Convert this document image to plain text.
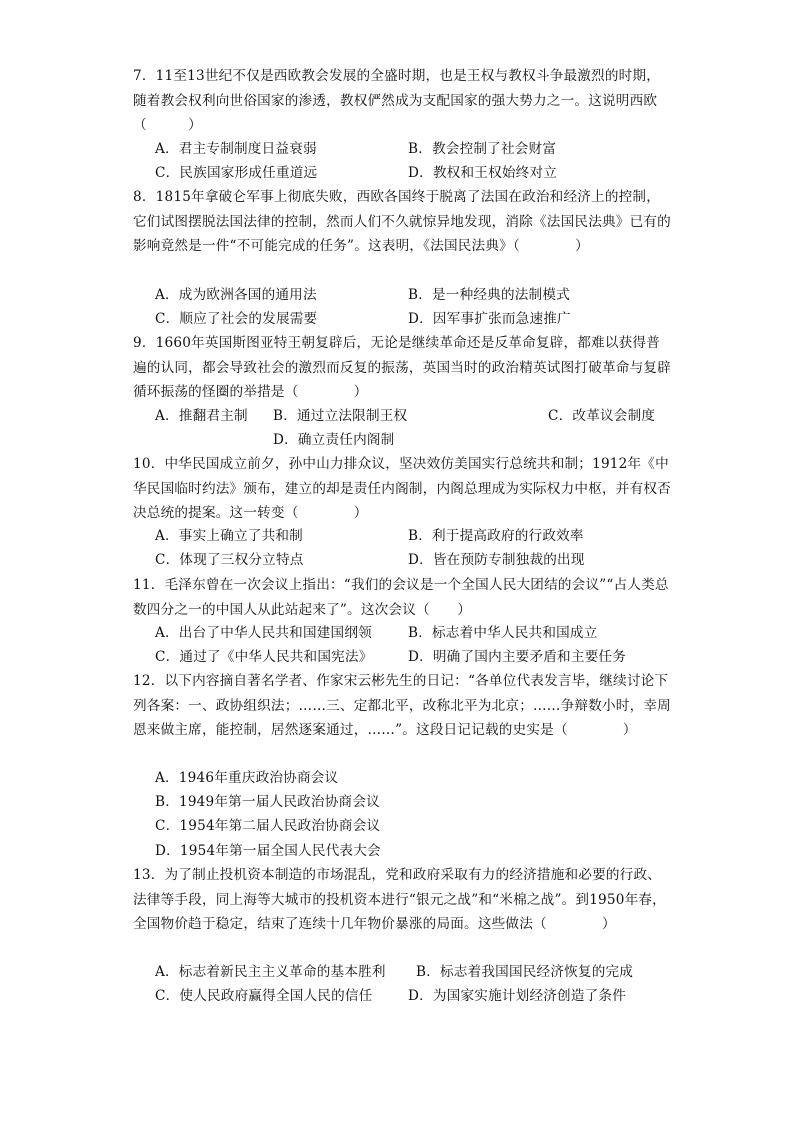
7．11至13世纪不仅是西欧教会发展的全盛时期，也是王权与教权斗争最激烈的时期，随着教会权利向世俗国家的渗透，教权俨然成为支配国家的强大势力之一。这说明西欧（　　　）

A．君主专制制度日益衰弱	B．教会控制了社会财富
C．民族国家形成任重道远	D．教权和王权始终对立

8．1815年拿破仑军事上彻底失败，西欧各国终于脱离了法国在政治和经济上的控制，它们试图摆脱法国法律的控制，然而人们不久就惊异地发现，消除《法国民法典》已有的影响竟然是一件“不可能完成的任务”。这表明，《法国民法典》（　　　　）

A．成为欧洲各国的通用法	B．是一种经典的法制模式
C．顺应了社会的发展需要	D．因军事扩张而急速推广

9．1660年英国斯图亚特王朝复辟后，无论是继续革命还是反革命复辟，都难以获得普遍的认同，都会导致社会的激烈而反复的振荡，英国当时的政治精英试图打破革命与复辟循环振荡的怪圈的举措是（　　　　）

A．推翻君主制 B．通过立法限制王权	C．改革议会制度
D．确立责任内阁制

10．中华民国成立前夕，孙中山力排众议，坚决效仿美国实行总统共和制；1912年《中华民国临时约法》颁布，建立的却是责任内阁制，内阁总理成为实际权力中枢，并有权否决总统的提案。这一转变（　　　　）

A．事实上确立了共和制	B．利于提高政府的行政效率
C．体现了三权分立特点	D．皆在预防专制独裁的出现

11．毛泽东曾在一次会议上指出：“我们的会议是一个全国人民大团结的会议”“占人类总数四分之一的中国人从此站起来了”。这次会议（　　）

A．出台了中华人民共和国建国纲领	B．标志着中华人民共和国成立
C．通过了《中华人民共和国宪法》	D．明确了国内主要矛盾和主要任务

12．以下内容摘自著名学者、作家宋云彬先生的日记：“各单位代表发言毕，继续讨论下列各案：一、政协组织法；……三、定都北平，改称北平为北京；……争辩数小时，幸周恩来做主席，能控制，居然逐案通过，……”。这段日记记载的史实是（　　　　）

A．1946年重庆政治协商会议
B．1949年第一届人民政治协商会议
C．1954年第二届人民政治协商会议
D．1954年第一届全国人民代表大会

13．为了制止投机资本制造的市场混乱，党和政府采取有力的经济措施和必要的行政、法律等手段，同上海等大城市的投机资本进行“银元之战”和“米棉之战”。到1950年春，全国物价趋于稳定，结束了连续十几年物价暴涨的局面。这些做法（　　　　）

A．标志着新民主主义革命的基本胜利 B．标志着我国国民经济恢复的完成
C．使人民政府赢得全国人民的信任	D．为国家实施计划经济创造了条件
